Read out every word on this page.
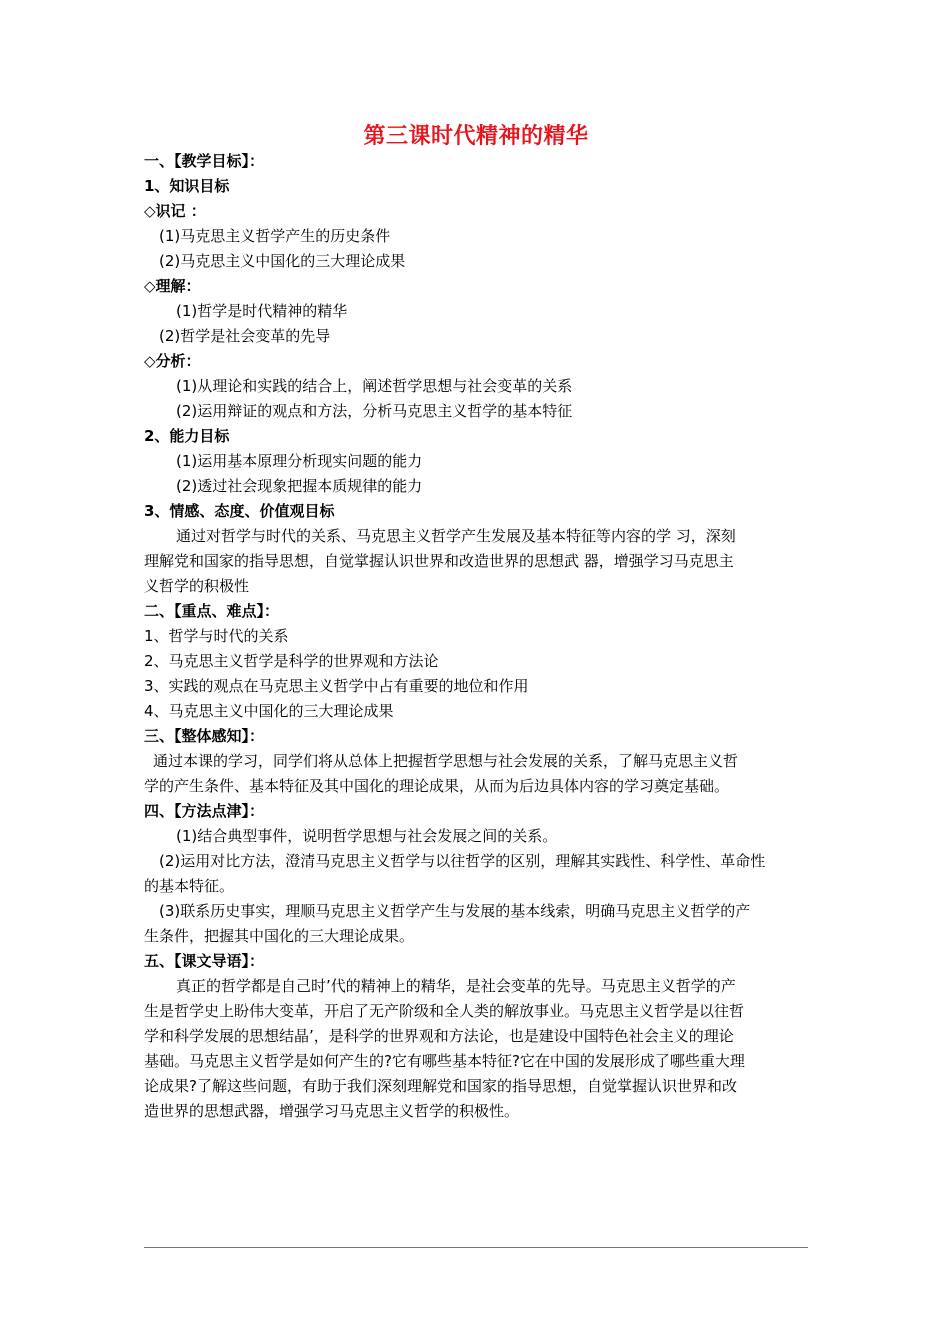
第三课时代精神的精华
一、【教学目标】：
1、知识目标
◇识记 ：
(1)马克思主义哲学产生的历史条件
(2)马克思主义中国化的三大理论成果
◇理解：
(1)哲学是时代精神的精华
(2)哲学是社会变革的先导
◇分析：
(1)从理论和实践的结合上，阐述哲学思想与社会变革的关系
(2)运用辩证的观点和方法，分析马克思主义哲学的基本特征
2、能力目标
(1)运用基本原理分析现实问题的能力
(2)透过社会现象把握本质规律的能力
3、情感、态度、价值观目标
通过对哲学与时代的关系、马克思主义哲学产生发展及基本特征等内容的学 习，深刻
理解党和国家的指导思想，自觉掌握认识世界和改造世界的思想武 器，增强学习马克思主
义哲学的积极性
二、【重点、难点】：
1、哲学与时代的关系
2、马克思主义哲学是科学的世界观和方法论
3、实践的观点在马克思主义哲学中占有重要的地位和作用
4、马克思主义中国化的三大理论成果
三、【整体感知】：
通过本课的学习，同学们将从总体上把握哲学思想与社会发展的关系，了解马克思主义哲
学的产生条件、基本特征及其中国化的理论成果，从而为后边具体内容的学习奠定基础。
四、【方法点津】：
(1)结合典型事件，说明哲学思想与社会发展之间的关系。
(2)运用对比方法，澄清马克思主义哲学与以往哲学的区别，理解其实践性、科学性、革命性
的基本特征。
(3)联系历史事实，理顺马克思主义哲学产生与发展的基本线索，明确马克思主义哲学的产
生条件，把握其中国化的三大理论成果。
五、【课文导语】：
真正的哲学都是自己时’代的精神上的精华，是社会变革的先导。马克思主义哲学的产
生是哲学史上盼伟大变革，开启了无产阶级和全人类的解放事业。马克思主义哲学是以往哲
学和科学发展的思想结晶’，是科学的世界观和方法论，也是建设中国特色社会主义的理论
基础。马克思主义哲学是如何产生的?它有哪些基本特征?它在中国的发展形成了哪些重大理
论成果?了解这些问题，有助于我们深刻理解党和国家的指导思想，自觉掌握认识世界和改
造世界的思想武器，增强学习马克思主义哲学的积极性。
